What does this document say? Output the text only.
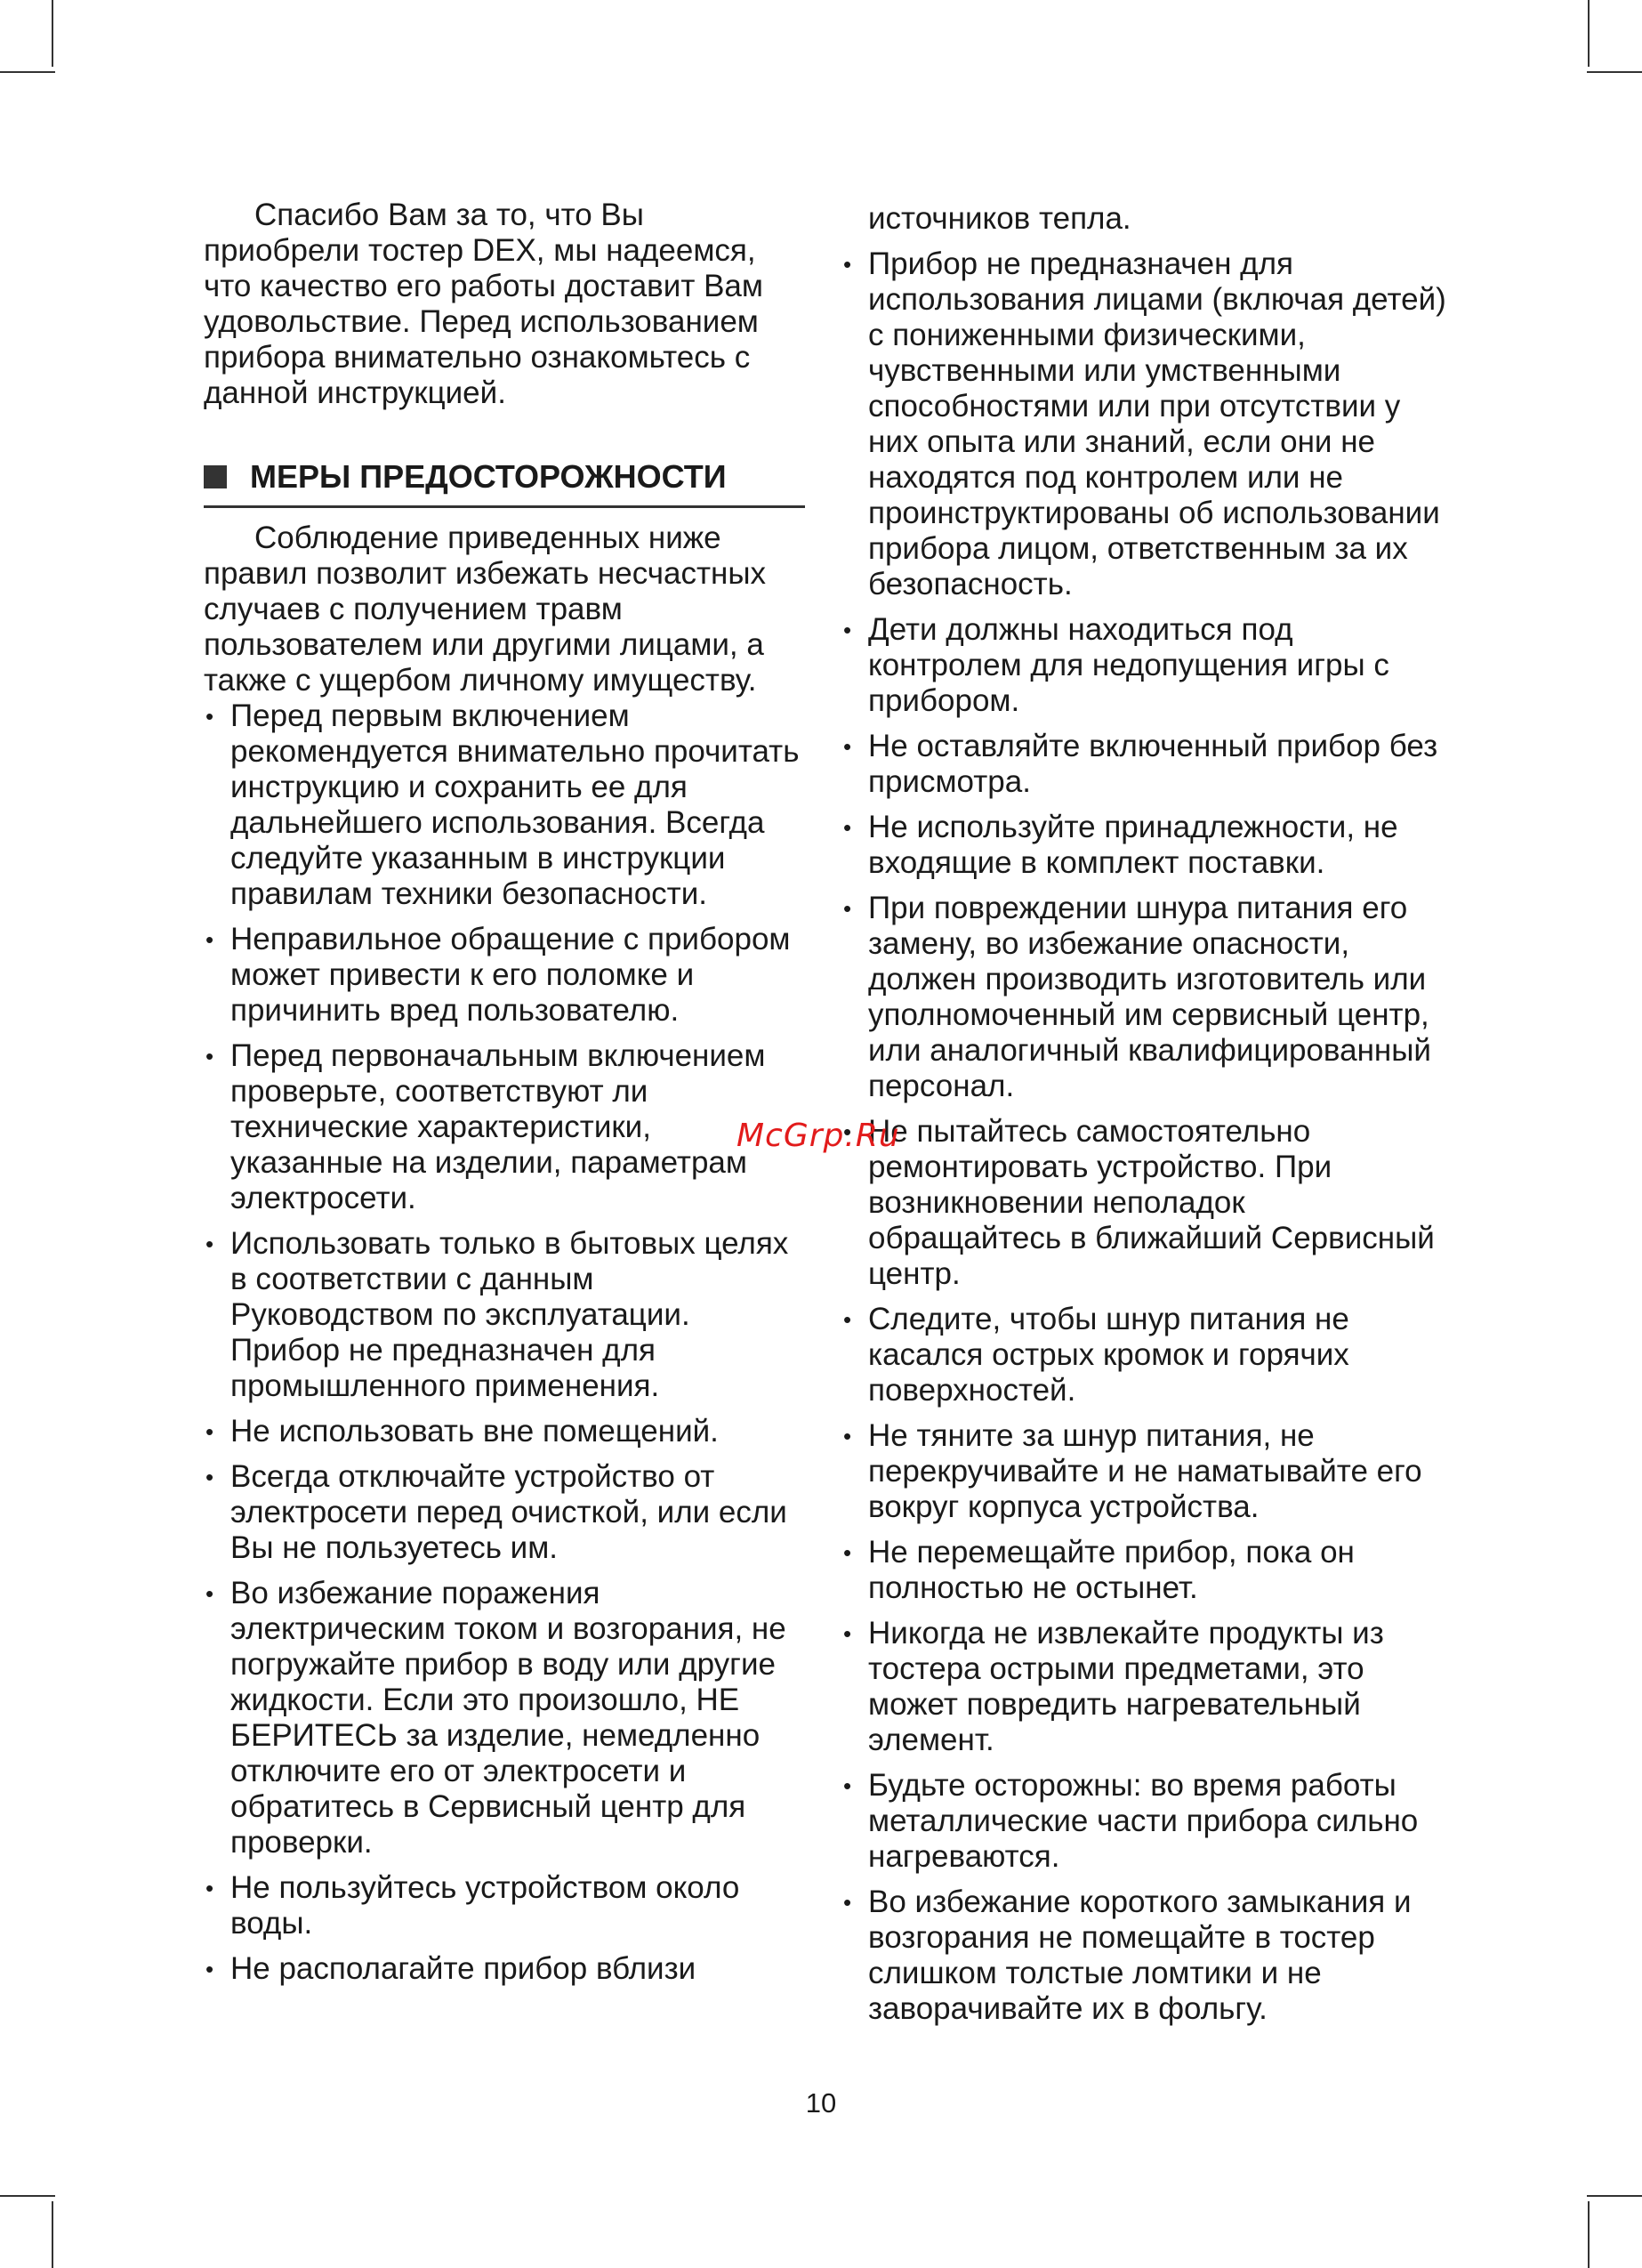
Спасибо Вам за то, что Вы приобрели тостер DEX, мы надеемся, что качество его работы доставит Вам удовольствие. Перед использованием прибора внимательно ознакомьтесь с данной инструкцией.

МЕРЫ ПРЕДОСТОРОЖНОСТИ

Соблюдение приведенных ниже правил позволит избежать несчастных случаев с получением травм пользователем или другими лицами, а также с ущербом личному имуществу.

• Перед первым включением рекомендуется внимательно прочитать инструкцию и сохранить ее для дальнейшего использования. Всегда следуйте указанным в инструкции правилам техники безопасности.
• Неправильное обращение с прибором может привести к его поломке и причинить вред пользователю.
• Перед первоначальным включением проверьте, соответствуют ли технические характеристики, указанные на изделии, параметрам электросети.
• Использовать только в бытовых целях в соответствии с данным Руководством по эксплуатации. Прибор не предназначен для промышленного применения.
• Не использовать вне помещений.
• Всегда отключайте устройство от электросети перед очисткой, или если Вы не пользуетесь им.
• Во избежание поражения электрическим током и возгорания, не погружайте прибор в воду или другие жидкости. Если это произошло, НЕ БЕРИТЕСЬ за изделие, немедленно отключите его от электросети и обратитесь в Сервисный центр для проверки.
• Не пользуйтесь устройством около воды.
• Не располагайте прибор вблизи

источников тепла.

• Прибор не предназначен для использования лицами (включая детей) с пониженными физическими, чувственными или умственными способностями или при отсутствии у них опыта или знаний, если они не находятся под контролем или не проинструктированы об использовании прибора лицом, ответственным за их безопасность.
• Дети должны находиться под контролем для недопущения игры с прибором.
• Не оставляйте включенный прибор без присмотра.
• Не используйте принадлежности, не входящие в комплект поставки.
• При повреждении шнура питания его замену, во избежание опасности, должен производить изготовитель или уполномоченный им сервисный центр, или аналогичный квалифицированный персонал.
• Не пытайтесь самостоятельно ремонтировать устройство. При возникновении неполадок обращайтесь в ближайший Сервисный центр.
• Следите, чтобы шнур питания не касался острых кромок и горячих поверхностей.
• Не тяните за шнур питания, не перекручивайте и не наматывайте его вокруг корпуса устройства.
• Не перемещайте прибор, пока он полностью не остынет.
• Никогда не извлекайте продукты из тостера острыми предметами, это может повредить нагревательный элемент.
• Будьте осторожны: во время работы металлические части прибора сильно нагреваются.
• Во избежание короткого замыкания и возгорания не помещайте в тостер слишком толстые ломтики и не заворачивайте их в фольгу.
McGrp.Ru
10
